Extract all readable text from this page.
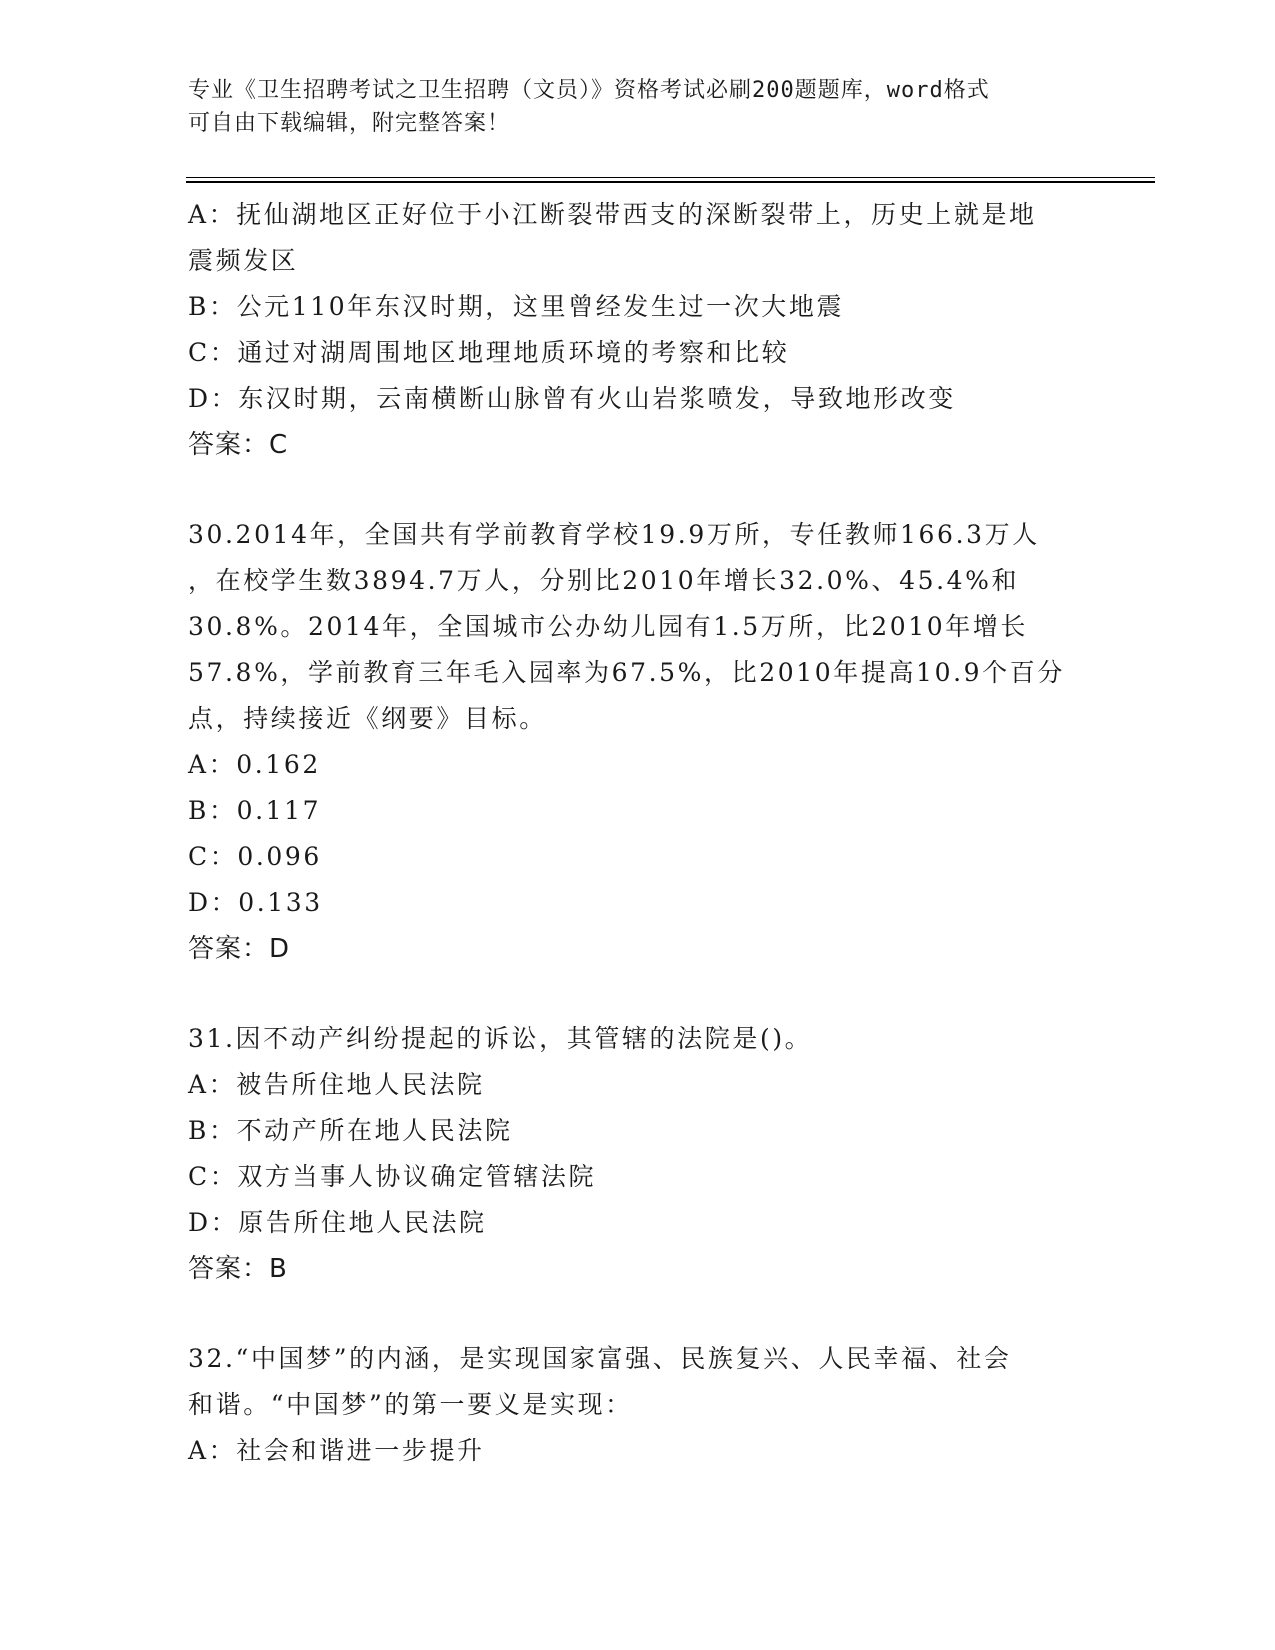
专业《卫生招聘考试之卫生招聘（文员）》资格考试必刷200题题库，word格式
可自由下载编辑，附完整答案！
A：抚仙湖地区正好位于小江断裂带西支的深断裂带上，历史上就是地
震频发区
B：公元110年东汉时期，这里曾经发生过一次大地震
C：通过对湖周围地区地理地质环境的考察和比较
D：东汉时期，云南横断山脉曾有火山岩浆喷发，导致地形改变
答案：C
30.2014年，全国共有学前教育学校19.9万所，专任教师166.3万人
，在校学生数3894.7万人，分别比2010年增长32.0%、45.4%和
30.8%。2014年，全国城市公办幼儿园有1.5万所，比2010年增长
57.8%，学前教育三年毛入园率为67.5%，比2010年提高10.9个百分
点，持续接近《纲要》目标。
A：0.162
B：0.117
C：0.096
D：0.133
答案：D
31.因不动产纠纷提起的诉讼，其管辖的法院是()。
A：被告所住地人民法院
B：不动产所在地人民法院
C：双方当事人协议确定管辖法院
D：原告所住地人民法院
答案：B
32.“中国梦”的内涵，是实现国家富强、民族复兴、人民幸福、社会
和谐。“中国梦”的第一要义是实现：
A：社会和谐进一步提升
